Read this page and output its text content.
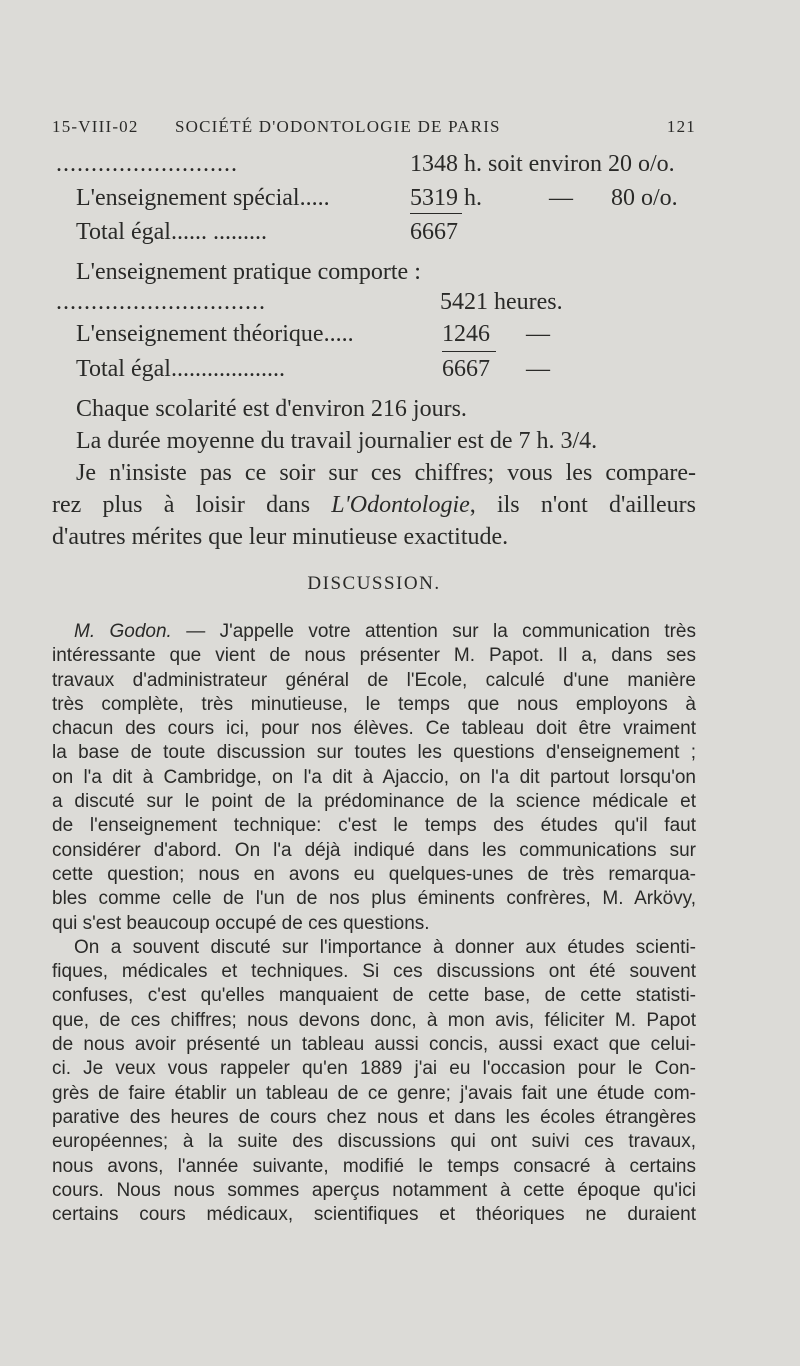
15-VIII-02 SOCIÉTÉ D'ODONTOLOGIE DE PARIS	121
..........................	1348 h. soit environ 20 o/o.
L'enseignement spécial.....	5319 h.	— 80 o/o.
Total égal...... .........	6667
L'enseignement pratique comporte :
..............................	5421 heures.
L'enseignement théorique.....	1246 —
Total égal...................	6667 —
Chaque scolarité est d'environ 216 jours.
La durée moyenne du travail journalier est de 7 h. 3/4.
Je n'insiste pas ce soir sur ces chiffres; vous les compare-
rez plus à loisir dans L'Odontologie, ils n'ont d'ailleurs
d'autres mérites que leur minutieuse exactitude.
DISCUSSION.
M. Godon. — J'appelle votre attention sur la communication très
intéressante que vient de nous présenter M. Papot. Il a, dans ses
travaux d'administrateur général de l'Ecole, calculé d'une manière
très complète, très minutieuse, le temps que nous employons à
chacun des cours ici, pour nos élèves. Ce tableau doit être vraiment
la base de toute discussion sur toutes les questions d'enseignement ;
on l'a dit à Cambridge, on l'a dit à Ajaccio, on l'a dit partout lorsqu'on
a discuté sur le point de la prédominance de la science médicale et
de l'enseignement technique: c'est le temps des études qu'il faut
considérer d'abord. On l'a déjà indiqué dans les communications sur
cette question; nous en avons eu quelques-unes de très remarqua-
bles comme celle de l'un de nos plus éminents confrères, M. Arkövy,
qui s'est beaucoup occupé de ces questions.
On a souvent discuté sur l'importance à donner aux études scienti-
fiques, médicales et techniques. Si ces discussions ont été souvent
confuses, c'est qu'elles manquaient de cette base, de cette statisti-
que, de ces chiffres; nous devons donc, à mon avis, féliciter M. Papot
de nous avoir présenté un tableau aussi concis, aussi exact que celui-
ci. Je veux vous rappeler qu'en 1889 j'ai eu l'occasion pour le Con-
grès de faire établir un tableau de ce genre; j'avais fait une étude com-
parative des heures de cours chez nous et dans les écoles étrangères
européennes; à la suite des discussions qui ont suivi ces travaux,
nous avons, l'année suivante, modifié le temps consacré à certains
cours. Nous nous sommes aperçus notamment à cette époque qu'ici
certains cours médicaux, scientifiques et théoriques ne duraient
